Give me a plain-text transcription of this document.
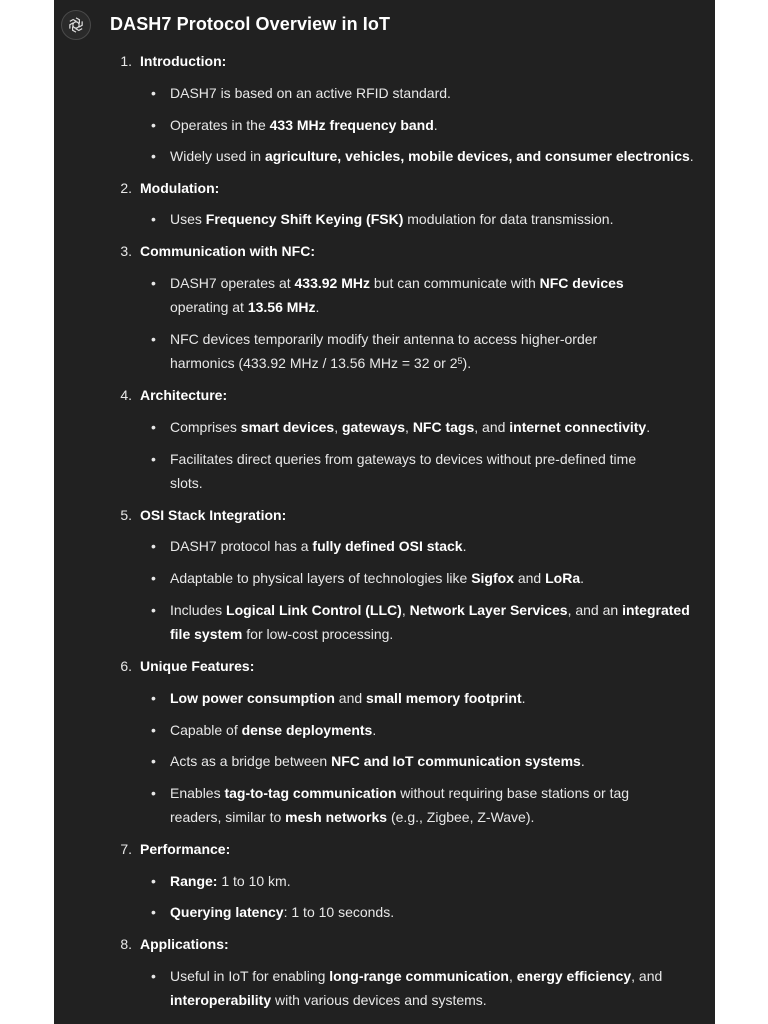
DASH7 Protocol Overview in IoT
1. Introduction:
• DASH7 is based on an active RFID standard.
• Operates in the 433 MHz frequency band.
• Widely used in agriculture, vehicles, mobile devices, and consumer electronics.
2. Modulation:
• Uses Frequency Shift Keying (FSK) modulation for data transmission.
3. Communication with NFC:
• DASH7 operates at 433.92 MHz but can communicate with NFC devices
operating at 13.56 MHz.
• NFC devices temporarily modify their antenna to access higher-order
harmonics (433.92 MHz / 13.56 MHz = 32 or $2^5$).
4. Architecture:
• Comprises smart devices, gateways, NFC tags, and internet connectivity.
• Facilitates direct queries from gateways to devices without pre-defined time
slots.
5. OSI Stack Integration:
• DASH7 protocol has a fully defined OSI stack.
• Adaptable to physical layers of technologies like Sigfox and LoRa.
• Includes Logical Link Control (LLC), Network Layer Services, and an integrated
file system for low-cost processing.
6. Unique Features:
• Low power consumption and small memory footprint.
• Capable of dense deployments.
• Acts as a bridge between NFC and IoT communication systems.
• Enables tag-to-tag communication without requiring base stations or tag
readers, similar to mesh networks (e.g., Zigbee, Z-Wave).
7. Performance:
• Range: 1 to 10 km.
• Querying latency: 1 to 10 seconds.
8. Applications:
• Useful in IoT for enabling long-range communication, energy efficiency, and
interoperability with various devices and systems.
